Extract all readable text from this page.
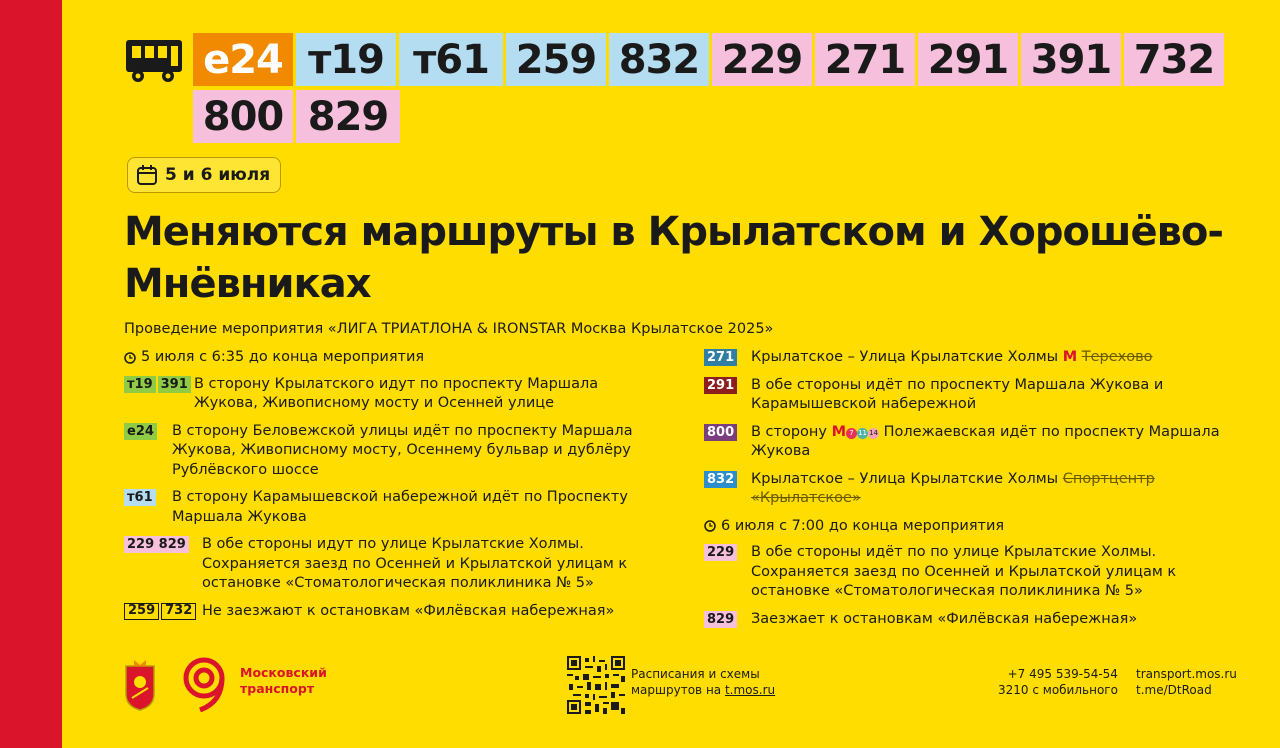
е24 т19 т61 259 832 229 271 291 391 732
800 829
5 и 6 июля
Меняются маршруты в Крылатском и Хорошёво-Мнёвниках
Проведение мероприятия «ЛИГА ТРИАТЛОНА & IRONSTAR Москва Крылатское 2025»
5 июля с 6:35 до конца мероприятия
т19 391 В сторону Крылатского идут по проспекту Маршала Жукова, Живописному мосту и Осенней улице
е24 В сторону Беловежской улицы идёт по проспекту Маршала Жукова, Живописному мосту, Осеннему бульвар и дублёру Рублёвского шоссе
т61 В сторону Карамышевской набережной идёт по Проспекту Маршала Жукова
229 829 В обе стороны идут по улице Крылатские Холмы. Сохраняется заезд по Осенней и Крылатской улицам к остановке «Стоматологическая поликлиника № 5»
259 732 Не заезжают к остановкам «Филёвская набережная»
271 Крылатское – Улица Крылатские Холмы M Терехово
291 В обе стороны идёт по проспекту Маршала Жукова и Карамышевской набережной
800 В сторону M 7 11 14 Полежаевская идёт по проспекту Маршала Жукова
832 Крылатское – Улица Крылатские Холмы Спортцентр «Крылатское»
6 июля с 7:00 до конца мероприятия
229 В обе стороны идёт по по улице Крылатские Холмы. Сохраняется заезд по Осенней и Крылатской улицам к остановке «Стоматологическая поликлиника № 5»
829 Заезжает к остановкам «Филёвская набережная»
Московский
транспорт
Расписания и схемы
маршрутов на t.mos.ru
+7 495 539-54-54
3210 с мобильного
transport.mos.ru
t.me/DtRoad
